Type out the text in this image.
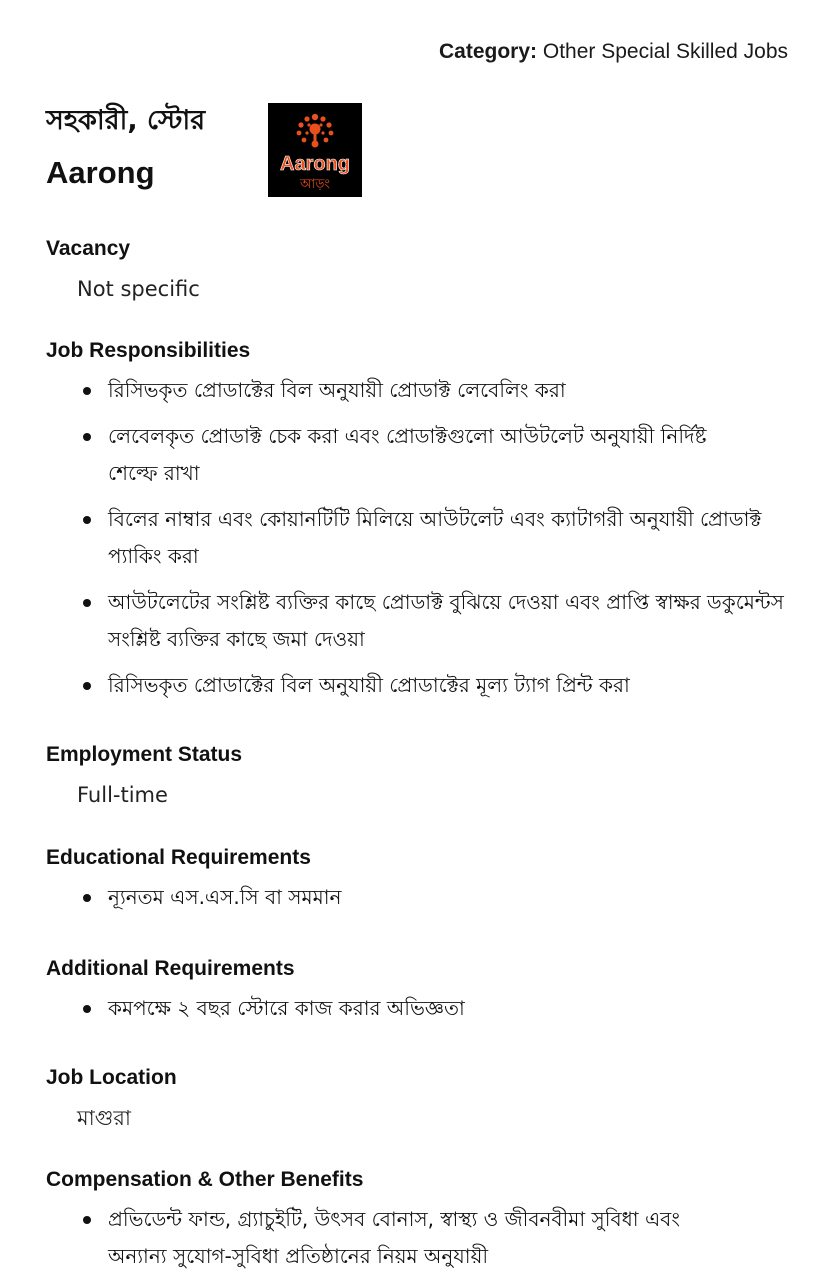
Category: Other Special Skilled Jobs
সহকারী, স্টোর
Aarong	Aarong
আড়ং
Vacancy
Not specific
Job Responsibilities
রিসিভকৃত প্রোডাক্টের বিল অনুযায়ী প্রোডাক্ট লেবেলিং করা
লেবেলকৃত প্রোডাক্ট চেক করা এবং প্রোডাক্টগুলো আউটলেট অনুযায়ী নির্দিষ্ট শেল্ফে রাখা
বিলের নাম্বার এবং কোয়ানটিটি মিলিয়ে আউটলেট এবং ক্যাটাগরী অনুযায়ী প্রোডাক্ট প্যাকিং করা
আউটলেটের সংশ্লিষ্ট ব্যক্তির কাছে প্রোডাক্ট বুঝিয়ে দেওয়া এবং প্রাপ্তি স্বাক্ষর ডকুমেন্টস সংশ্লিষ্ট ব্যক্তির কাছে জমা দেওয়া
রিসিভকৃত প্রোডাক্টের বিল অনুযায়ী প্রোডাক্টের মূল্য ট্যাগ প্রিন্ট করা
Employment Status
Full-time
Educational Requirements
ন্যূনতম এস.এস.সি বা সমমান
Additional Requirements
কমপক্ষে ২ বছর স্টোরে কাজ করার অভিজ্ঞতা
Job Location
মাগুরা
Compensation & Other Benefits
প্রভিডেন্ট ফান্ড, গ্র্যাচুইটি, উৎসব বোনাস, স্বাস্থ্য ও জীবনবীমা সুবিধা এবং অন্যান্য সুযোগ-সুবিধা প্রতিষ্ঠানের নিয়ম অনুযায়ী
